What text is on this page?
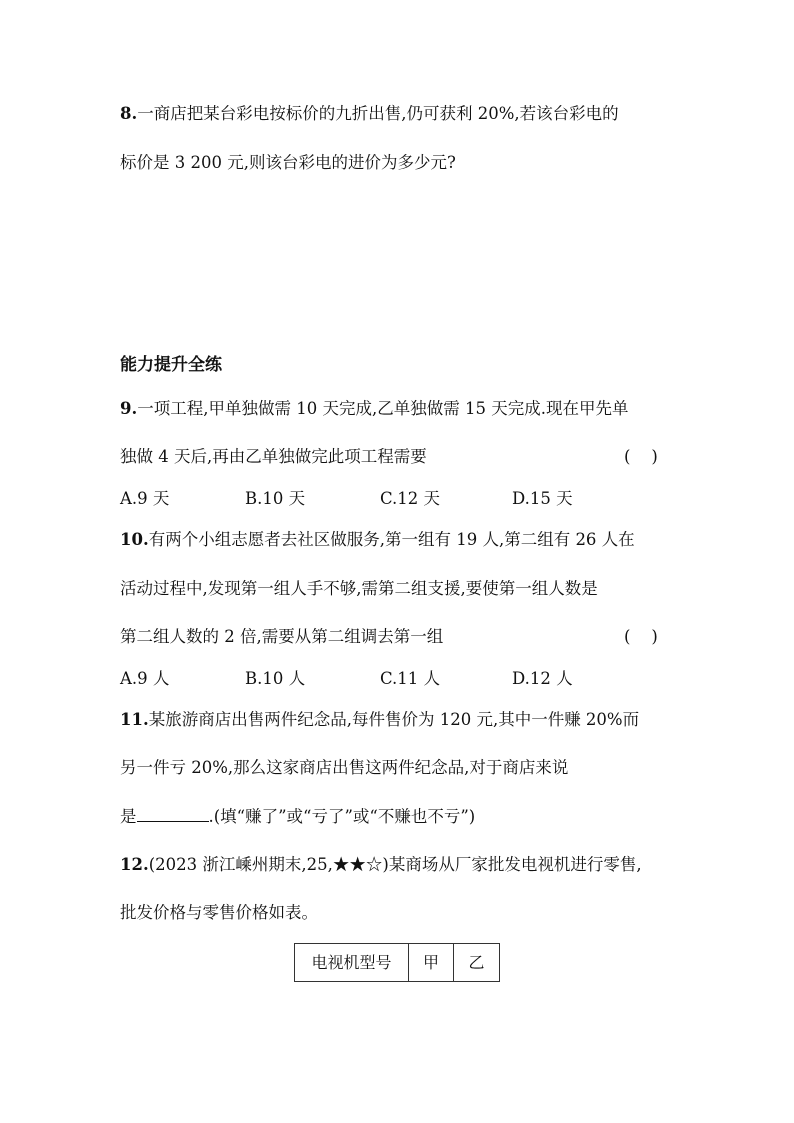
8.一商店把某台彩电按标价的九折出售,仍可获利 20%,若该台彩电的
标价是 3 200 元,则该台彩电的进价为多少元?
能力提升全练
9.一项工程,甲单独做需 10 天完成,乙单独做需 15 天完成.现在甲先单
独做 4 天后,再由乙单独做完此项工程需要	(    )
A.9 天	B.10 天	C.12 天	D.15 天
10.有两个小组志愿者去社区做服务,第一组有 19 人,第二组有 26 人在
活动过程中,发现第一组人手不够,需第二组支援,要使第一组人数是
第二组人数的 2 倍,需要从第二组调去第一组	(    )
A.9 人	B.10 人	C.11 人	D.12 人
11.某旅游商店出售两件纪念品,每件售价为 120 元,其中一件赚 20%而
另一件亏 20%,那么这家商店出售这两件纪念品,对于商店来说
是	.(填“赚了”或“亏了”或“不赚也不亏”)
12.(2023 浙江嵊州期末,25,★★☆)某商场从厂家批发电视机进行零售,
批发价格与零售价格如表。
电视机型号	甲	乙
